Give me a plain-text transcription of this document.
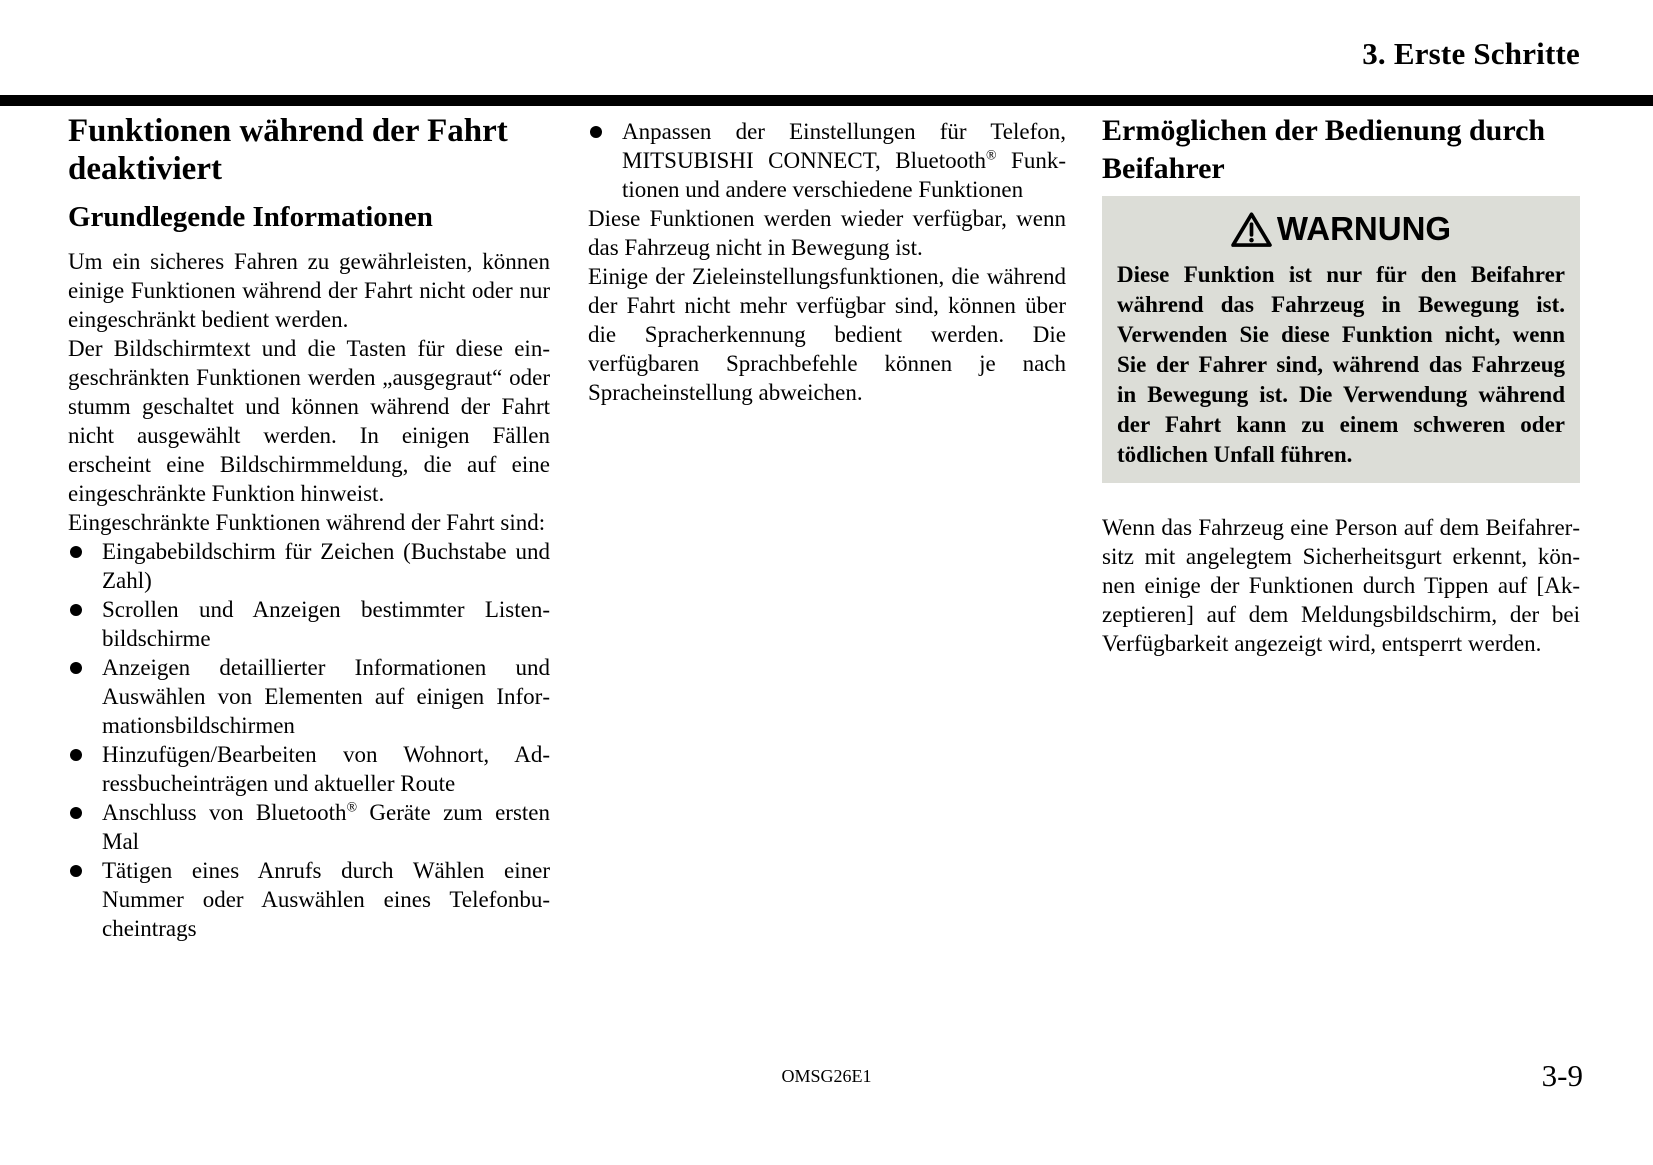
3. Erste Schritte
Funktionen während der Fahrt deaktiviert
Grundlegende Informationen

Um ein sicheres Fahren zu gewährleisten, können einige Funktionen während der Fahrt nicht oder nur eingeschränkt bedient werden.

Der Bildschirmtext und die Tasten für diese eingeschränkten Funktionen werden „ausgegraut“ oder stumm geschaltet und können während der Fahrt nicht ausgewählt werden. In einigen Fällen erscheint eine Bildschirmmeldung, die auf eine eingeschränkte Funktion hinweist.

Eingeschränkte Funktionen während der Fahrt sind:

Eingabebildschirm für Zeichen (Buchstabe und Zahl)
Scrollen und Anzeigen bestimmter Listenbildschirme
Anzeigen detaillierter Informationen und Auswählen von Elementen auf einigen Informationsbildschirmen
Hinzufügen/Bearbeiten von Wohnort, Adressbucheinträgen und aktueller Route
Anschluss von Bluetooth® Geräte zum ersten Mal
Tätigen eines Anrufs durch Wählen einer Nummer oder Auswählen eines Telefonbucheintrags
Anpassen der Einstellungen für Telefon, MITSUBISHI CONNECT, Bluetooth® Funktionen und andere verschiedene Funktionen

Diese Funktionen werden wieder verfügbar, wenn das Fahrzeug nicht in Bewegung ist.

Einige der Zieleinstellungsfunktionen, die während der Fahrt nicht mehr verfügbar sind, können über die Spracherkennung bedient werden. Die verfügbaren Sprachbefehle können je nach Spracheinstellung abweichen.

Ermöglichen der Bedienung durch Beifahrer
WARNUNG

Diese Funktion ist nur für den Beifahrer während das Fahrzeug in Bewegung ist. Verwenden Sie diese Funktion nicht, wenn Sie der Fahrer sind, während das Fahrzeug in Bewegung ist. Die Verwendung während der Fahrt kann zu einem schweren oder tödlichen Unfall führen.

Wenn das Fahrzeug eine Person auf dem Beifahrersitz mit angelegtem Sicherheitsgurt erkennt, können einige der Funktionen durch Tippen auf [Akzeptieren] auf dem Meldungsbildschirm, der bei Verfügbarkeit angezeigt wird, entsperrt werden.

OMSG26E1	3-9
